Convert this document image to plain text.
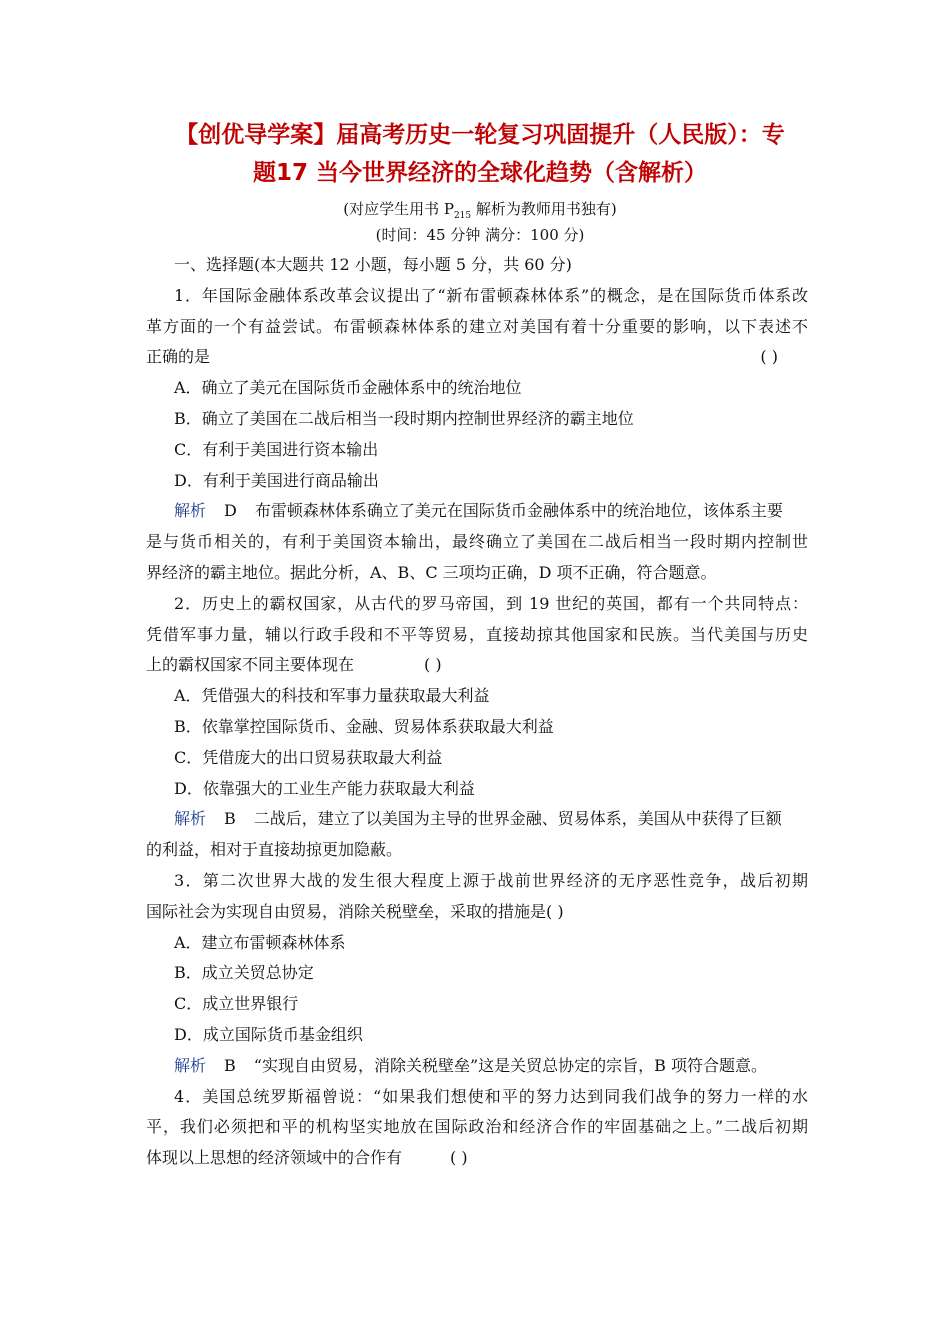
【创优导学案】届高考历史一轮复习巩固提升（人民版）：专
题17 当今世界经济的全球化趋势（含解析）
(对应学生用书 $P_{215}$ 解析为教师用书独有)
(时间：45 分钟 满分：100 分)
一、选择题(本大题共 12 小题，每小题 5 分，共 60 分)
1．年国际金融体系改革会议提出了“新布雷顿森林体系”的概念，是在国际货币体系改
革方面的一个有益尝试。布雷顿森林体系的建立对美国有着十分重要的影响，以下表述不
正确的是	( )
A．确立了美元在国际货币金融体系中的统治地位
B．确立了美国在二战后相当一段时期内控制世界经济的霸主地位
C．有利于美国进行资本输出
D．有利于美国进行商品输出
解析 D 布雷顿森林体系确立了美元在国际货币金融体系中的统治地位，该体系主要
是与货币相关的，有利于美国资本输出，最终确立了美国在二战后相当一段时期内控制世
界经济的霸主地位。据此分析，A、B、C 三项均正确，D 项不正确，符合题意。
2．历史上的霸权国家，从古代的罗马帝国，到 19 世纪的英国，都有一个共同特点：
凭借军事力量，辅以行政手段和不平等贸易，直接劫掠其他国家和民族。当代美国与历史
上的霸权国家不同主要体现在	( )
A．凭借强大的科技和军事力量获取最大利益
B．依靠掌控国际货币、金融、贸易体系获取最大利益
C．凭借庞大的出口贸易获取最大利益
D．依靠强大的工业生产能力获取最大利益
解析 B 二战后，建立了以美国为主导的世界金融、贸易体系，美国从中获得了巨额
的利益，相对于直接劫掠更加隐蔽。
3．第二次世界大战的发生很大程度上源于战前世界经济的无序恶性竞争，战后初期
国际社会为实现自由贸易，消除关税壁垒，采取的措施是( )
A．建立布雷顿森林体系
B．成立关贸总协定
C．成立世界银行
D．成立国际货币基金组织
解析 B “实现自由贸易，消除关税壁垒”这是关贸总协定的宗旨，B 项符合题意。
4．美国总统罗斯福曾说：“如果我们想使和平的努力达到同我们战争的努力一样的水
平，我们必须把和平的机构坚实地放在国际政治和经济合作的牢固基础之上。”二战后初期
体现以上思想的经济领域中的合作有	( )
